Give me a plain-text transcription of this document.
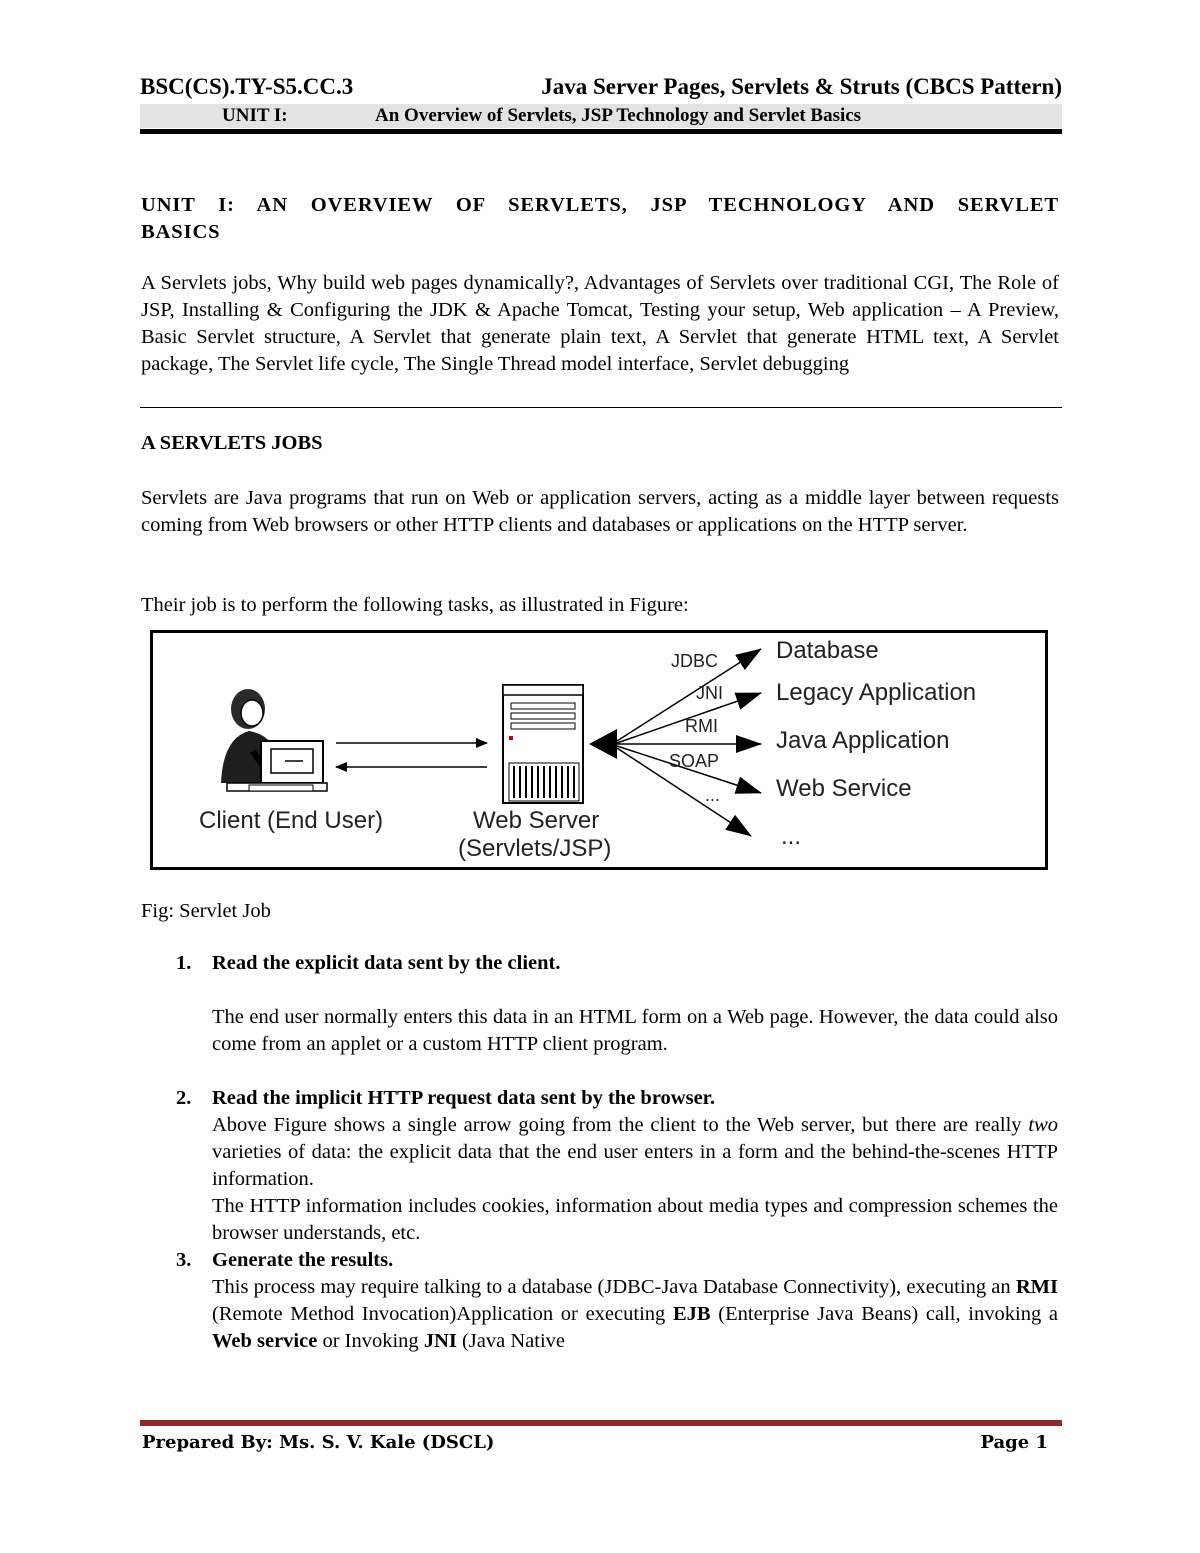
BSC(CS).TY-S5.CC.3	Java Server Pages, Servlets & Struts (CBCS Pattern)
UNIT I:	An Overview of Servlets, JSP Technology and Servlet Basics
UNIT I: AN OVERVIEW OF SERVLETS, JSP TECHNOLOGY AND SERVLET BASICS
A Servlets jobs, Why build web pages dynamically?, Advantages of Servlets over traditional CGI, The Role of JSP, Installing & Configuring the JDK & Apache Tomcat, Testing your setup, Web application – A Preview, Basic Servlet structure, A Servlet that generate plain text, A Servlet that generate HTML text, A Servlet package, The Servlet life cycle, The Single Thread model interface, Servlet debugging
A SERVLETS JOBS
Servlets are Java programs that run on Web or application servers, acting as a middle layer between requests coming from Web browsers or other HTTP clients and databases or applications on the HTTP server.
Their job is to perform the following tasks, as illustrated in Figure:
Client (End User)	Web Server
(Servlets/JSP)
JDBC
JNI
RMI
SOAP
...
Database
Legacy Application
Java Application
Web Service
...
Fig: Servlet Job
1. Read the explicit data sent by the client.

The end user normally enters this data in an HTML form on a Web page. However, the data could also come from an applet or a custom HTTP client program.

2. Read the implicit HTTP request data sent by the browser.

Above Figure shows a single arrow going from the client to the Web server, but there are really two varieties of data: the explicit data that the end user enters in a form and the behind-the-scenes HTTP information.

The HTTP information includes cookies, information about media types and compression schemes the browser understands, etc.

3. Generate the results.

This process may require talking to a database (JDBC-Java Database Connectivity), executing an RMI (Remote Method Invocation)Application or executing EJB (Enterprise Java Beans) call, invoking a Web service or Invoking JNI (Java Native

Prepared By: Ms. S. V. Kale (DSCL)	Page 1
